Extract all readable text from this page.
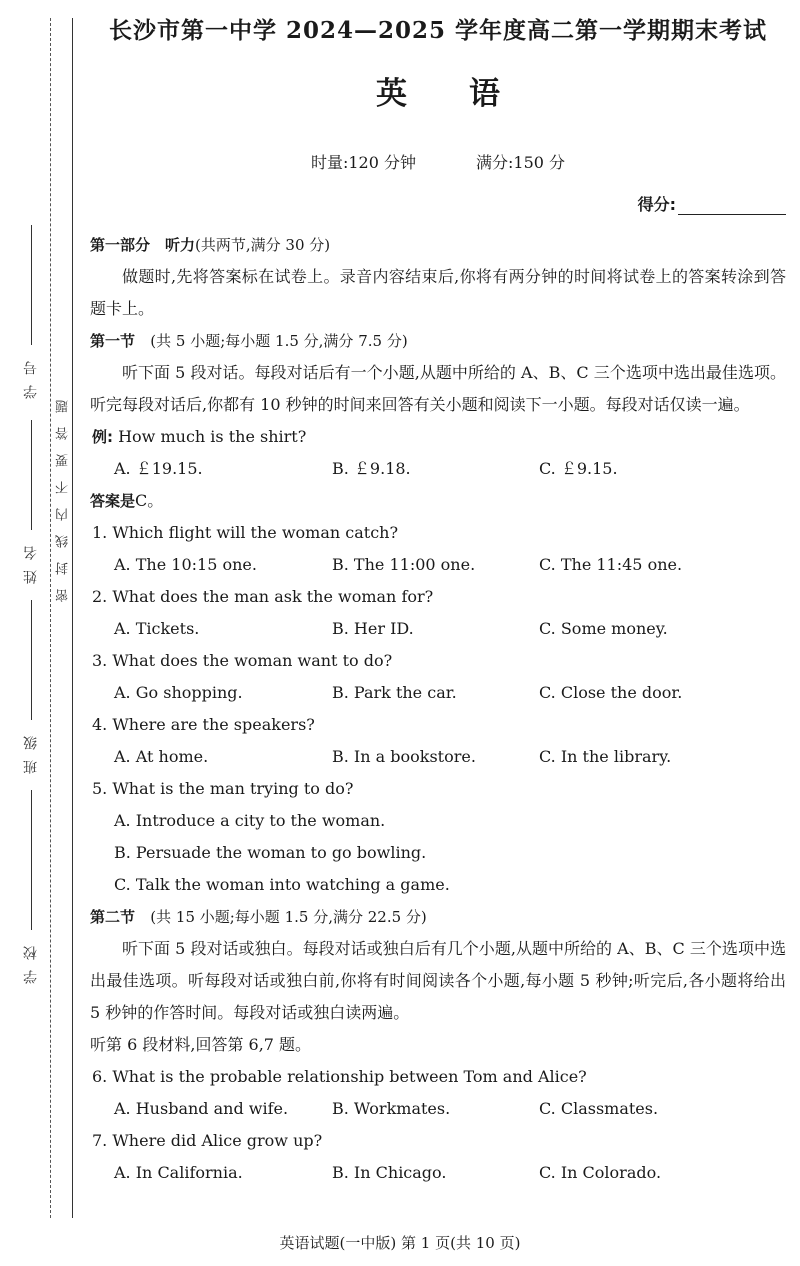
学号
姓名
班级
学校
题
答
要
不
内
线
封
密
长沙市第一中学 2024—2025 学年度高二第一学期期末考试
英　　语
时量:120 分钟	满分:150 分
得分:
第一部分　听力(共两节,满分 30 分)
做题时,先将答案标在试卷上。录音内容结束后,你将有两分钟的时间将试卷上的答案转涂到答题卡上。
第一节 (共 5 小题;每小题 1.5 分,满分 7.5 分)
听下面 5 段对话。每段对话后有一个小题,从题中所给的 A、B、C 三个选项中选出最佳选项。听完每段对话后,你都有 10 秒钟的时间来回答有关小题和阅读下一小题。每段对话仅读一遍。
例: How much is the shirt?
A. ￡19.15.	B. ￡9.18.	C. ￡9.15.
答案是C。
1. Which flight will the woman catch?
A. The 10:15 one.	B. The 11:00 one.	C. The 11:45 one.
2. What does the man ask the woman for?
A. Tickets.	B. Her ID.	C. Some money.
3. What does the woman want to do?
A. Go shopping.	B. Park the car.	C. Close the door.
4. Where are the speakers?
A. At home.	B. In a bookstore.	C. In the library.
5. What is the man trying to do?
A. Introduce a city to the woman.
B. Persuade the woman to go bowling.
C. Talk the woman into watching a game.
第二节 (共 15 小题;每小题 1.5 分,满分 22.5 分)
听下面 5 段对话或独白。每段对话或独白后有几个小题,从题中所给的 A、B、C 三个选项中选出最佳选项。听每段对话或独白前,你将有时间阅读各个小题,每小题 5 秒钟;听完后,各小题将给出 5 秒钟的作答时间。每段对话或独白读两遍。
听第 6 段材料,回答第 6,7 题。
6. What is the probable relationship between Tom and Alice?
A. Husband and wife.	B. Workmates.	C. Classmates.
7. Where did Alice grow up?
A. In California.	B. In Chicago.	C. In Colorado.
英语试题(一中版) 第 1 页(共 10 页)
